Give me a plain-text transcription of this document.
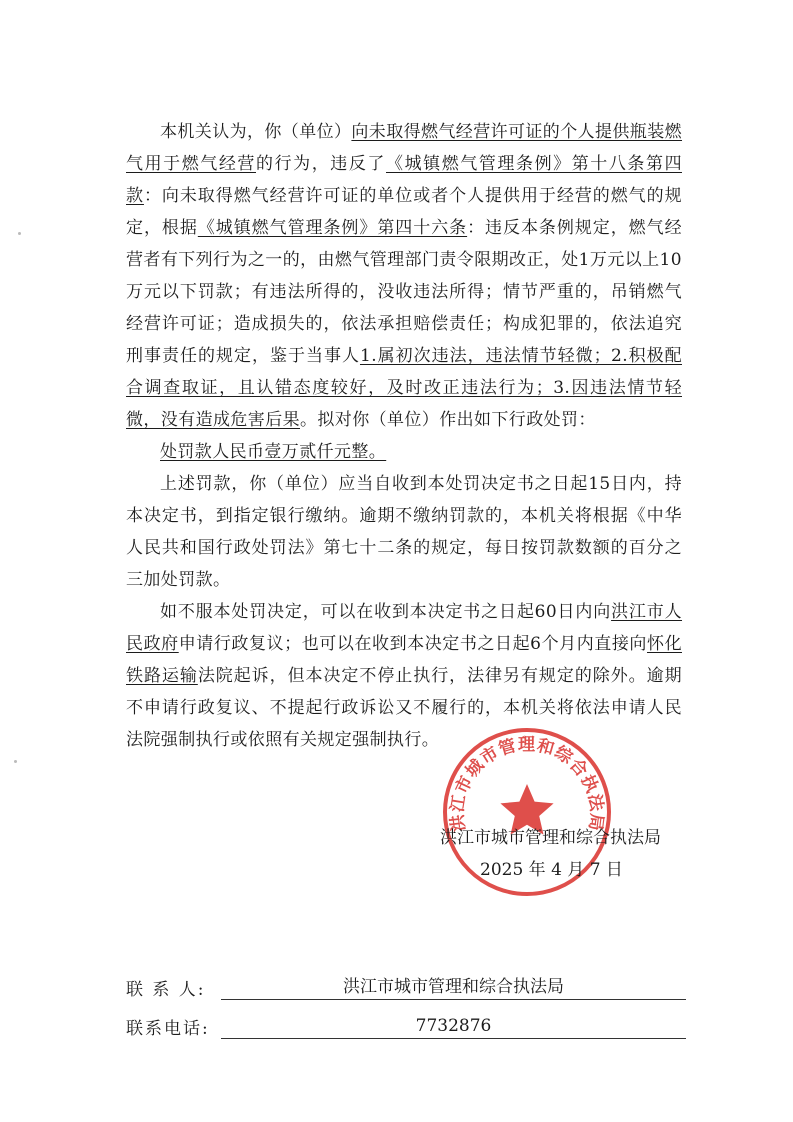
本机关认为，你（单位）向未取得燃气经营许可证的个人提供瓶装燃气用于燃气经营的行为，违反了《城镇燃气管理条例》第十八条第四款：向未取得燃气经营许可证的单位或者个人提供用于经营的燃气的规定，根据《城镇燃气管理条例》第四十六条：违反本条例规定，燃气经营者有下列行为之一的，由燃气管理部门责令限期改正，处1万元以上10万元以下罚款；有违法所得的，没收违法所得；情节严重的，吊销燃气经营许可证；造成损失的，依法承担赔偿责任；构成犯罪的，依法追究刑事责任的规定，鉴于当事人1.属初次违法，违法情节轻微；2.积极配合调查取证，且认错态度较好，及时改正违法行为；3.因违法情节轻微，没有造成危害后果。拟对你（单位）作出如下行政处罚：

处罚款人民币壹万贰仟元整。

上述罚款，你（单位）应当自收到本处罚决定书之日起15日内，持本决定书，到指定银行缴纳。逾期不缴纳罚款的，本机关将根据《中华人民共和国行政处罚法》第七十二条的规定，每日按罚款数额的百分之三加处罚款。

如不服本处罚决定，可以在收到本决定书之日起60日内向洪江市人民政府申请行政复议；也可以在收到本决定书之日起6个月内直接向怀化铁路运输法院起诉，但本决定不停止执行，法律另有规定的除外。逾期不申请行政复议、不提起行政诉讼又不履行的，本机关将依法申请人民法院强制执行或依照有关规定强制执行。

洪江市城市管理和综合执法局
洪江市城市管理和综合执法局
2025 年 4 月 7 日
联 系 人:	洪江市城市管理和综合执法局
联系电话:	7732876
